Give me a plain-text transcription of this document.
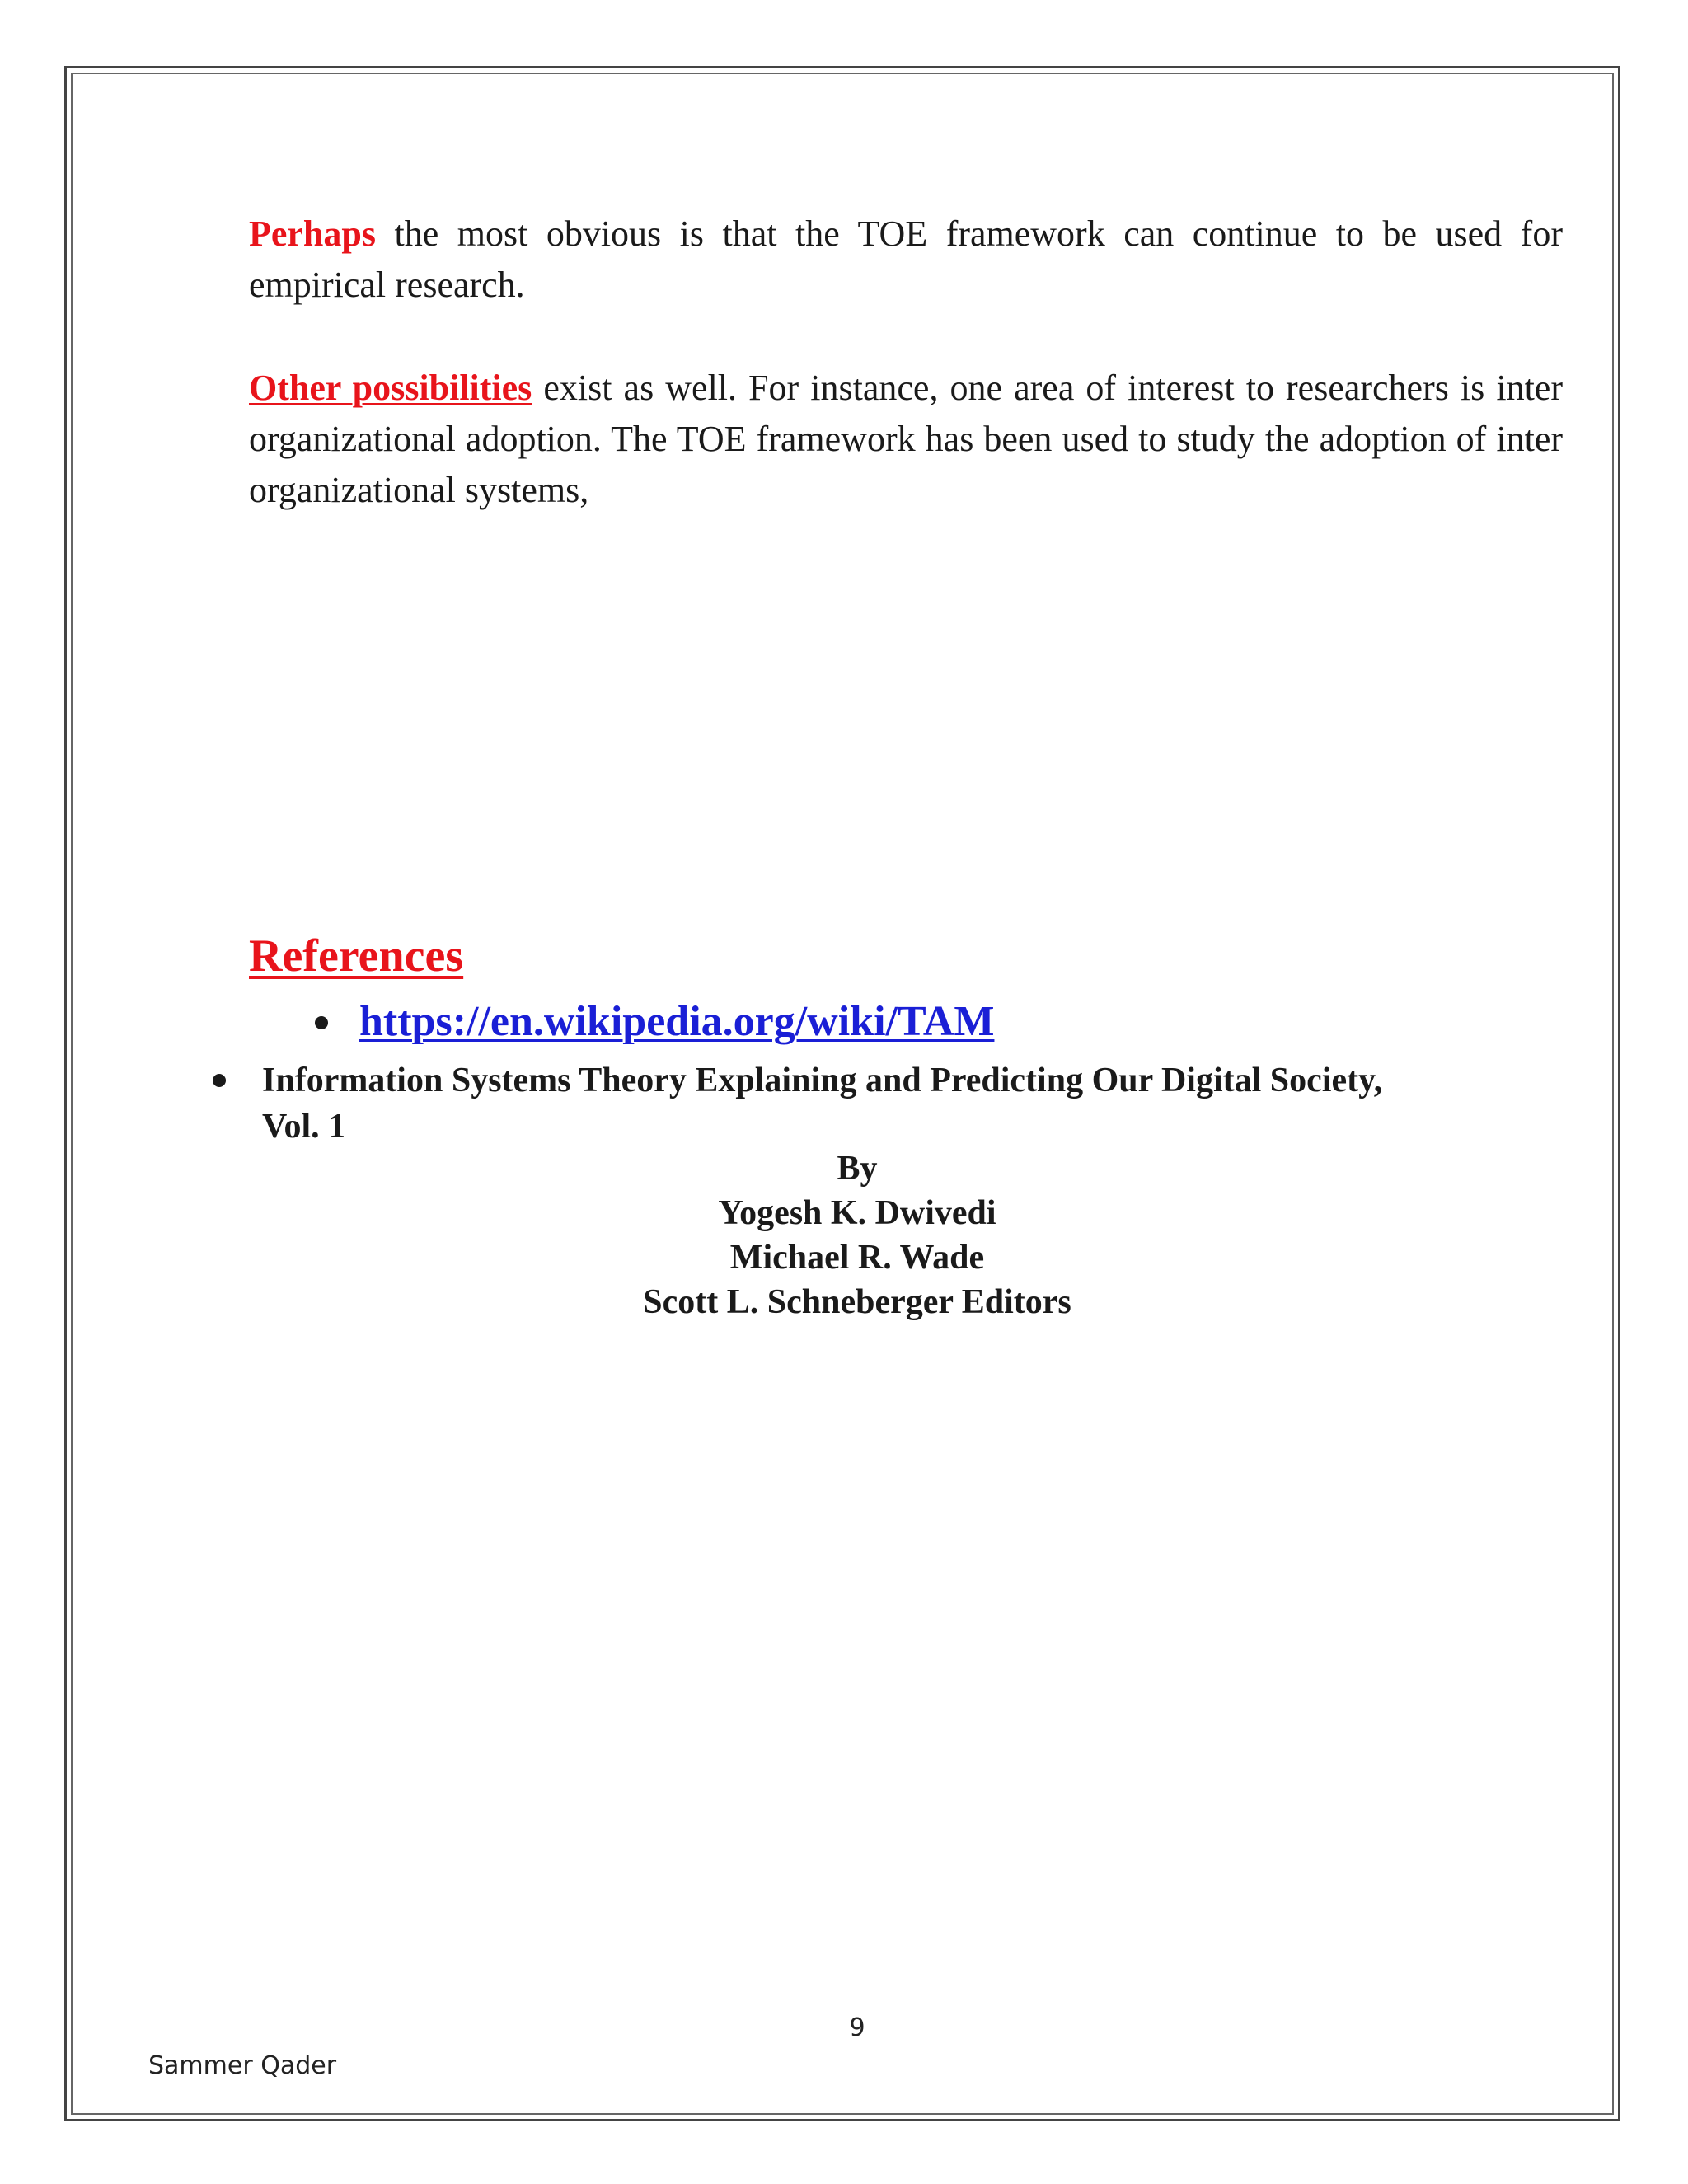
Perhaps the most obvious is that the TOE framework can continue to be used for empirical research.

Other possibilities exist as well. For instance, one area of interest to researchers is inter organizational adoption. The TOE framework has been used to study the adoption of inter organizational systems,

References
https://en.wikipedia.org/wiki/TAM
Information Systems Theory Explaining and Predicting Our Digital Society,
Vol. 1
By
Yogesh K. Dwivedi
Michael R. Wade
Scott L. Schneberger Editors
9
Sammer Qader
